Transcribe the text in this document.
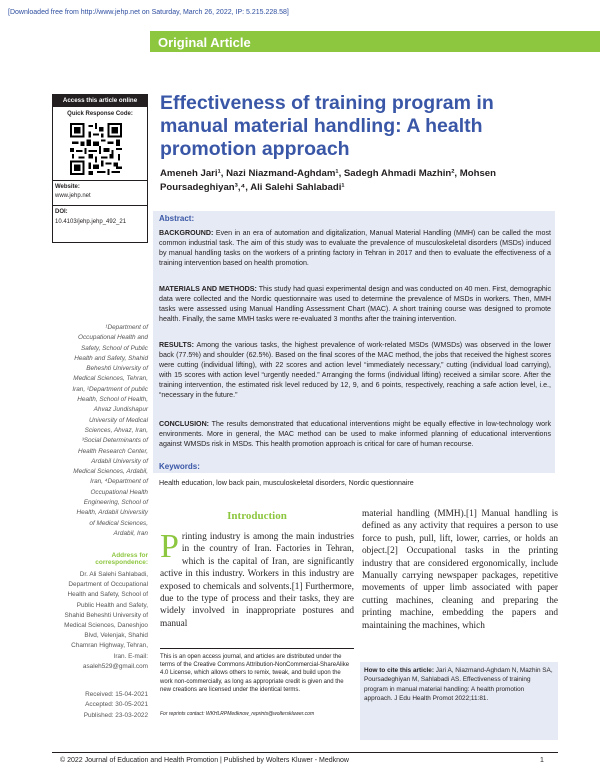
[Downloaded free from http://www.jehp.net on Saturday, March 26, 2022, IP: 5.215.228.58]
Original Article
Access this article online
Quick Response Code:
Website:
www.jehp.net
DOI:
10.4103/jehp.jehp_492_21
Effectiveness of training program in manual material handling: A health promotion approach
Ameneh Jari¹, Nazi Niazmand-Aghdam¹, Sadegh Ahmadi Mazhin², Mohsen Poursadeghiyan³,⁴, Ali Salehi Sahlabadi¹
Abstract:
BACKGROUND: Even in an era of automation and digitalization, Manual Material Handling (MMH) can be called the most common industrial task. The aim of this study was to evaluate the prevalence of musculoskeletal disorders (MSDs) induced by manual handling tasks on the workers of a printing factory in Tehran in 2017 and then to evaluate the effectiveness of a training intervention based on health promotion.
MATERIALS AND METHODS: This study had quasi experimental design and was conducted on 40 men. First, demographic data were collected and the Nordic questionnaire was used to determine the prevalence of MSDs in workers. Then, MMH tasks were assessed using Manual Handling Assessment Chart (MAC). A short training course was designed to promote health. Finally, the same MMH tasks were re-evaluated 3 months after the training intervention.
RESULTS: Among the various tasks, the highest prevalence of work-related MSDs (WMSDs) was observed in the lower back (77.5%) and shoulder (62.5%). Based on the final scores of the MAC method, the jobs that received the highest scores were cutting (individual lifting), with 22 scores and action level “immediately necessary,” cutting (individual load carrying), with 15 scores with action level “urgently needed.” Arranging the forms (individual lifting) received a similar score. After the training intervention, the estimated risk level reduced by 12, 9, and 6 points, respectively, reaching a safe action level, i.e., “necessary in the future.”
CONCLUSION: The results demonstrated that educational interventions might be equally effective in low-technology work environments. More in general, the MAC method can be used to make informed planning of educational interventions against WMSDs risk in MSDs. This health promotion approach is critical for care of human recourse.
Keywords:
Health education, low back pain, musculoskeletal disorders, Nordic questionnaire
¹Department of Occupational Health and Safety, School of Public Health and Safety, Shahid Beheshti University of Medical Sciences, Tehran, Iran, ²Department of public Health, School of Health, Ahvaz Jundishapur University of Medical Sciences, Ahvaz, Iran, ³Social Determinants of Health Research Center, Ardabil University of Medical Sciences, Ardabil, Iran, ⁴Department of Occupational Health Engineering, School of Health, Ardabil University of Medical Sciences, Ardabil, Iran
Address for correspondence:
Dr. Ali Salehi Sahlabadi, Department of Occupational Health and Safety, School of Public Health and Safety, Shahid Beheshti University of Medical Sciences, Daneshjoo Blvd, Velenjak, Shahid Chamran Highway, Tehran, Iran. E-mail: asaleh529@gmail.com
Received: 15-04-2021
Accepted: 30-05-2021
Published: 23-03-2022
Introduction
Printing industry is among the main industries in the country of Iran. Factories in Tehran, which is the capital of Iran, are significantly active in this industry. Workers in this industry are exposed to chemicals and solvents.[1] Furthermore, due to the type of process and their tasks, they are widely involved in inappropriate postures and manual
material handling (MMH).[1] Manual handling is defined as any activity that requires a person to use force to push, pull, lift, lower, carries, or holds an object.[2] Occupational tasks in the printing industry that are considered ergonomically, include Manually carrying newspaper packages, repetitive movements of upper limb associated with paper cutting machines, cleaning and preparing the printing machine, embedding the papers and maintaining the machines, which
This is an open access journal, and articles are distributed under the terms of the Creative Commons Attribution-NonCommercial-ShareAlike 4.0 License, which allows others to remix, tweak, and build upon the work non-commercially, as long as appropriate credit is given and the new creations are licensed under the identical terms.
For reprints contact: WKHLRPMedknow_reprints@wolterskluwer.com
How to cite this article: Jari A, Niazmand-Aghdam N, Mazhin SA, Poursadeghiyan M, Sahlabadi AS. Effectiveness of training program in manual material handling: A health promotion approach. J Edu Health Promot 2022;11:81.
© 2022 Journal of Education and Health Promotion | Published by Wolters Kluwer - Medknow	1
